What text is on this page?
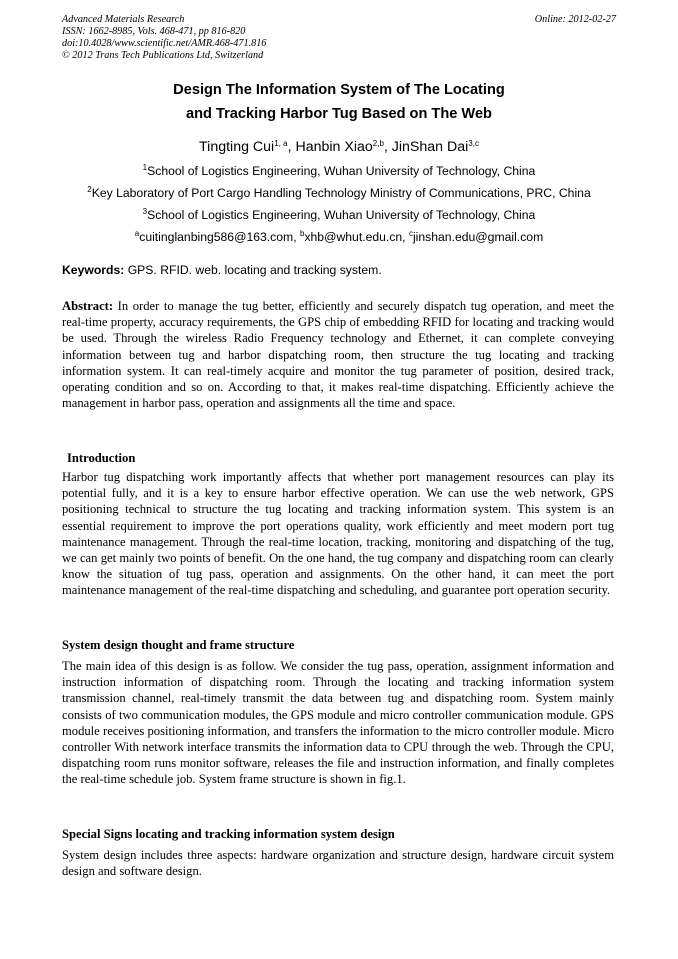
Advanced Materials Research
ISSN: 1662-8985, Vols. 468-471, pp 816-820
doi:10.4028/www.scientific.net/AMR.468-471.816
© 2012 Trans Tech Publications Ltd, Switzerland
Online: 2012-02-27
Design The Information System of The Locating
and Tracking Harbor Tug Based on The Web
Tingting Cui$^{1, a}$, Hanbin Xiao$^{2,b}$, JinShan Dai$^{3,c}$
$^1$School of Logistics Engineering, Wuhan University of Technology, China
$^2$Key Laboratory of Port Cargo Handling Technology Ministry of Communications, PRC, China
$^3$School of Logistics Engineering, Wuhan University of Technology, China
$^a$cuitinglanbing586@163.com, $^b$xhb@whut.edu.cn, $^c$jinshan.edu@gmail.com
Keywords: GPS. RFID. web. locating and tracking system.
Abstract: In order to manage the tug better, efficiently and securely dispatch tug operation, and meet the real-time property, accuracy requirements, the GPS chip of embedding RFID for locating and tracking would be used. Through the wireless Radio Frequency technology and Ethernet, it can complete conveying information between tug and harbor dispatching room, then structure the tug locating and tracking information system. It can real-timely acquire and monitor the tug parameter of position, desired track, operating condition and so on. According to that, it makes real-time dispatching. Efficiently achieve the management in harbor pass, operation and assignments all the time and space.
Introduction
Harbor tug dispatching work importantly affects that whether port management resources can play its potential fully, and it is a key to ensure harbor effective operation. We can use the web network, GPS positioning technical to structure the tug locating and tracking information system. This system is an essential requirement to improve the port operations quality, work efficiently and meet modern port tug maintenance management. Through the real-time location, tracking, monitoring and dispatching of the tug, we can get mainly two points of benefit. On the one hand, the tug company and dispatching room can clearly know the situation of tug pass, operation and assignments. On the other hand, it can meet the port maintenance management of the real-time dispatching and scheduling, and guarantee port operation security.
System design thought and frame structure
The main idea of this design is as follow. We consider the tug pass, operation, assignment information and instruction information of dispatching room. Through the locating and tracking information system transmission channel, real-timely transmit the data between tug and dispatching room. System mainly consists of two communication modules, the GPS module and micro controller communication module. GPS module receives positioning information, and transfers the information to the micro controller module. Micro controller With network interface transmits the information data to CPU through the web. Through the CPU, dispatching room runs monitor software, releases the file and instruction information, and finally completes the real-time schedule job. System frame structure is shown in fig.1.
Special Signs locating and tracking information system design
System design includes three aspects: hardware organization and structure design, hardware circuit system design and software design.
